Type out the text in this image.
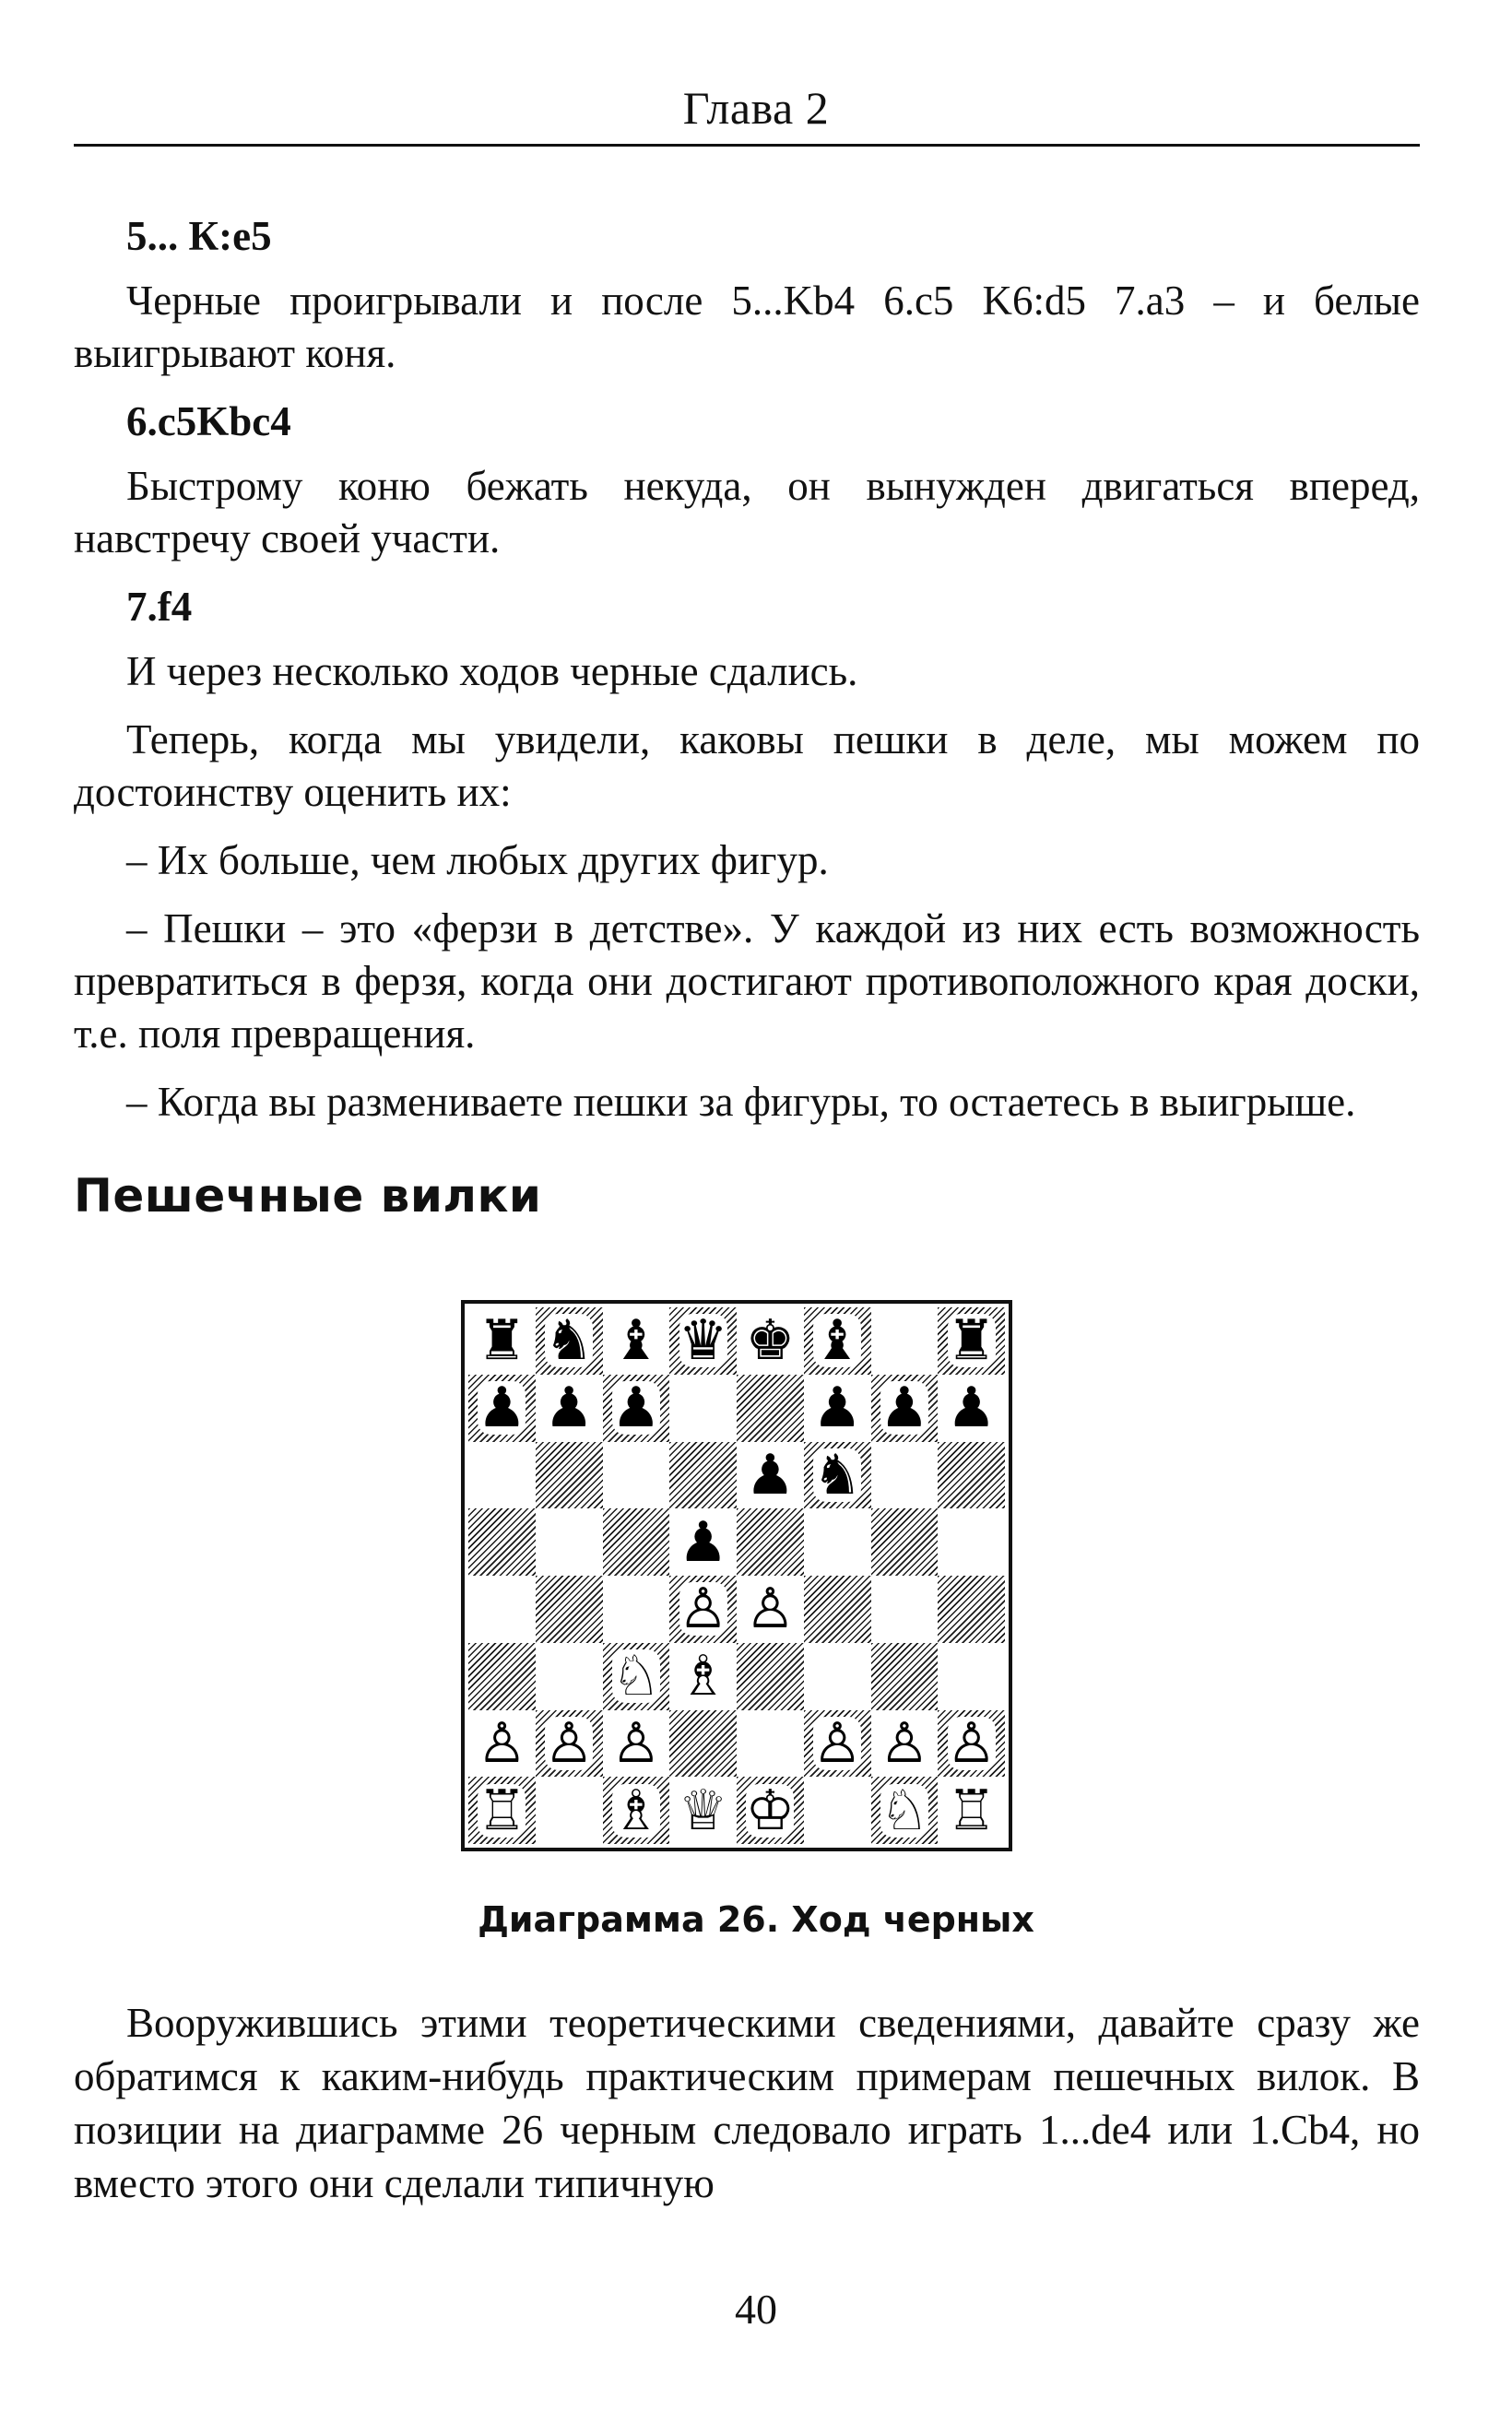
Глава 2

5... К:e5

Черные проигрывали и после 5...Kb4 6.c5 K6:d5 7.a3 – и белые выигрывают коня.

6.c5Kbc4

Быстрому коню бежать некуда, он вынужден двигаться вперед, навстречу своей участи.

7.f4

И через несколько ходов черные сдались.

Теперь, когда мы увидели, каковы пешки в деле, мы можем по достоинству оценить их:

– Их больше, чем любых других фигур.

– Пешки – это «ферзи в детстве». У каждой из них есть возможность превратиться в ферзя, когда они достигают противоположного края доски, т.е. поля превращения.

– Когда вы размениваете пешки за фигуры, то остаетесь в выигрыше.

Пешечные вилки
♜ ♞ ♝ ♛ ♚ ♝ ♜
♟ ♟ ♟	♟ ♟ ♟
♟ ♞
♟
♙ ♙
♘ ♗
♙ ♙ ♙	♙ ♙ ♙
♖ ♗ ♕ ♔ ♘ ♖
Диаграмма 26. Ход черных

Вооружившись этими теоретическими сведениями, давайте сразу же обратимся к каким-нибудь практическим примерам пешечных вилок. В позиции на диаграмме 26 черным следовало играть 1...de4 или 1.Cb4, но вместо этого они сделали типичную

40
